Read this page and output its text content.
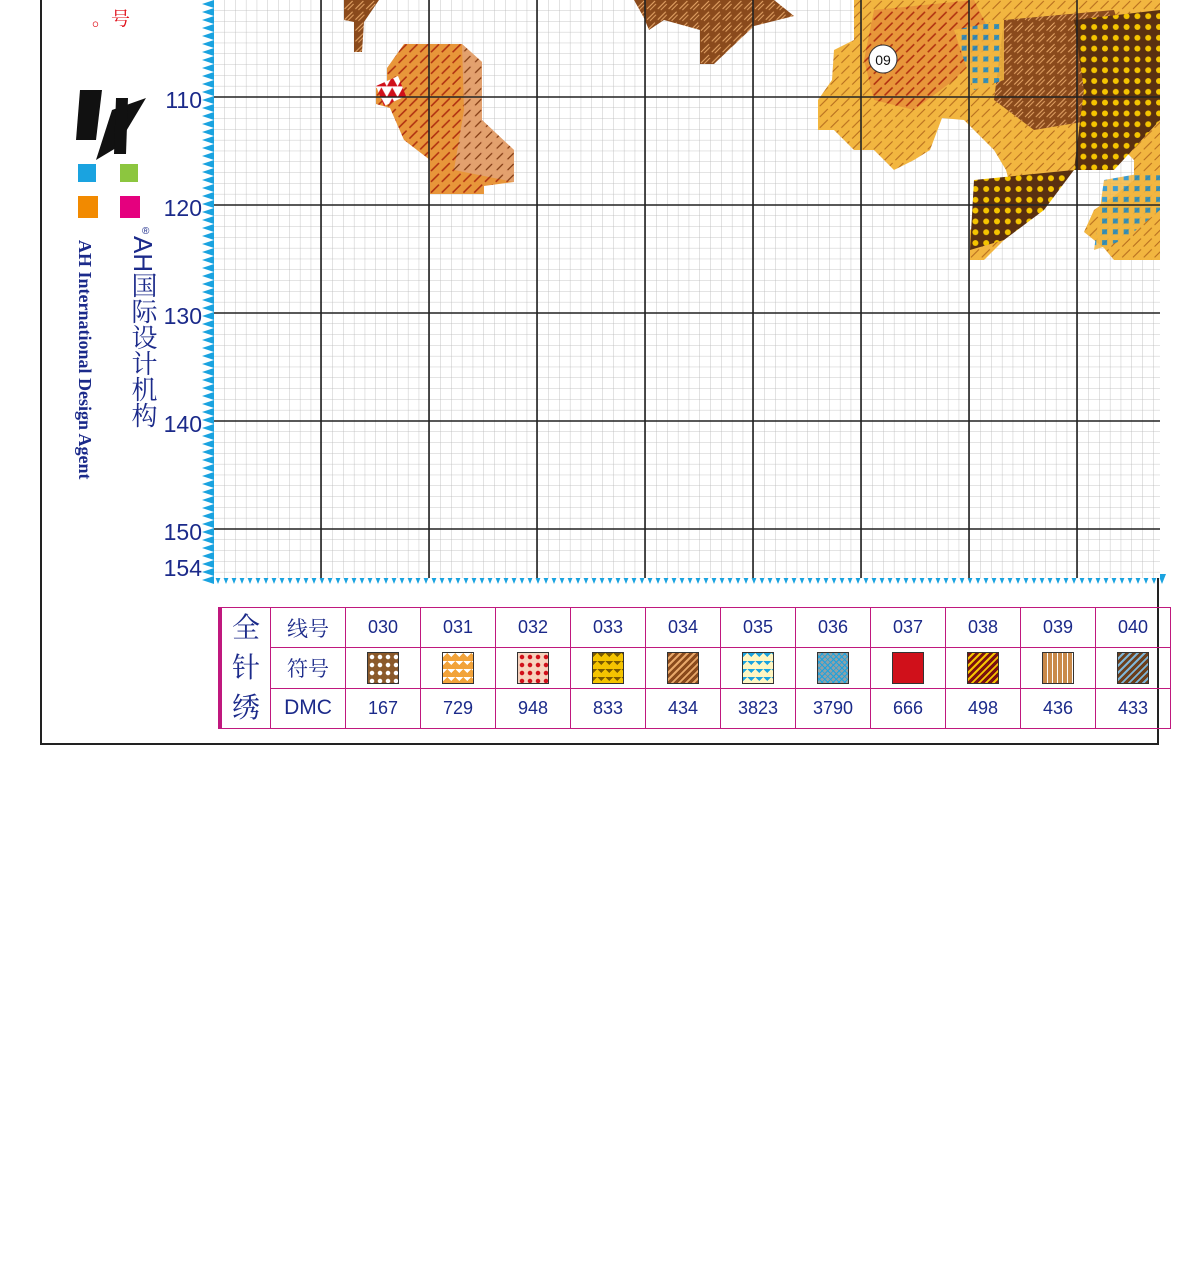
。号
®
AH国际设计机构
AH International Design Agent
110
120
130
140
150
154
09
全
针
绣	线号	030	031	032	033	034	035	036	037	038	039	040
	符号											
	DMC	167	729	948	833	434	3823	3790	666	498	436	433
